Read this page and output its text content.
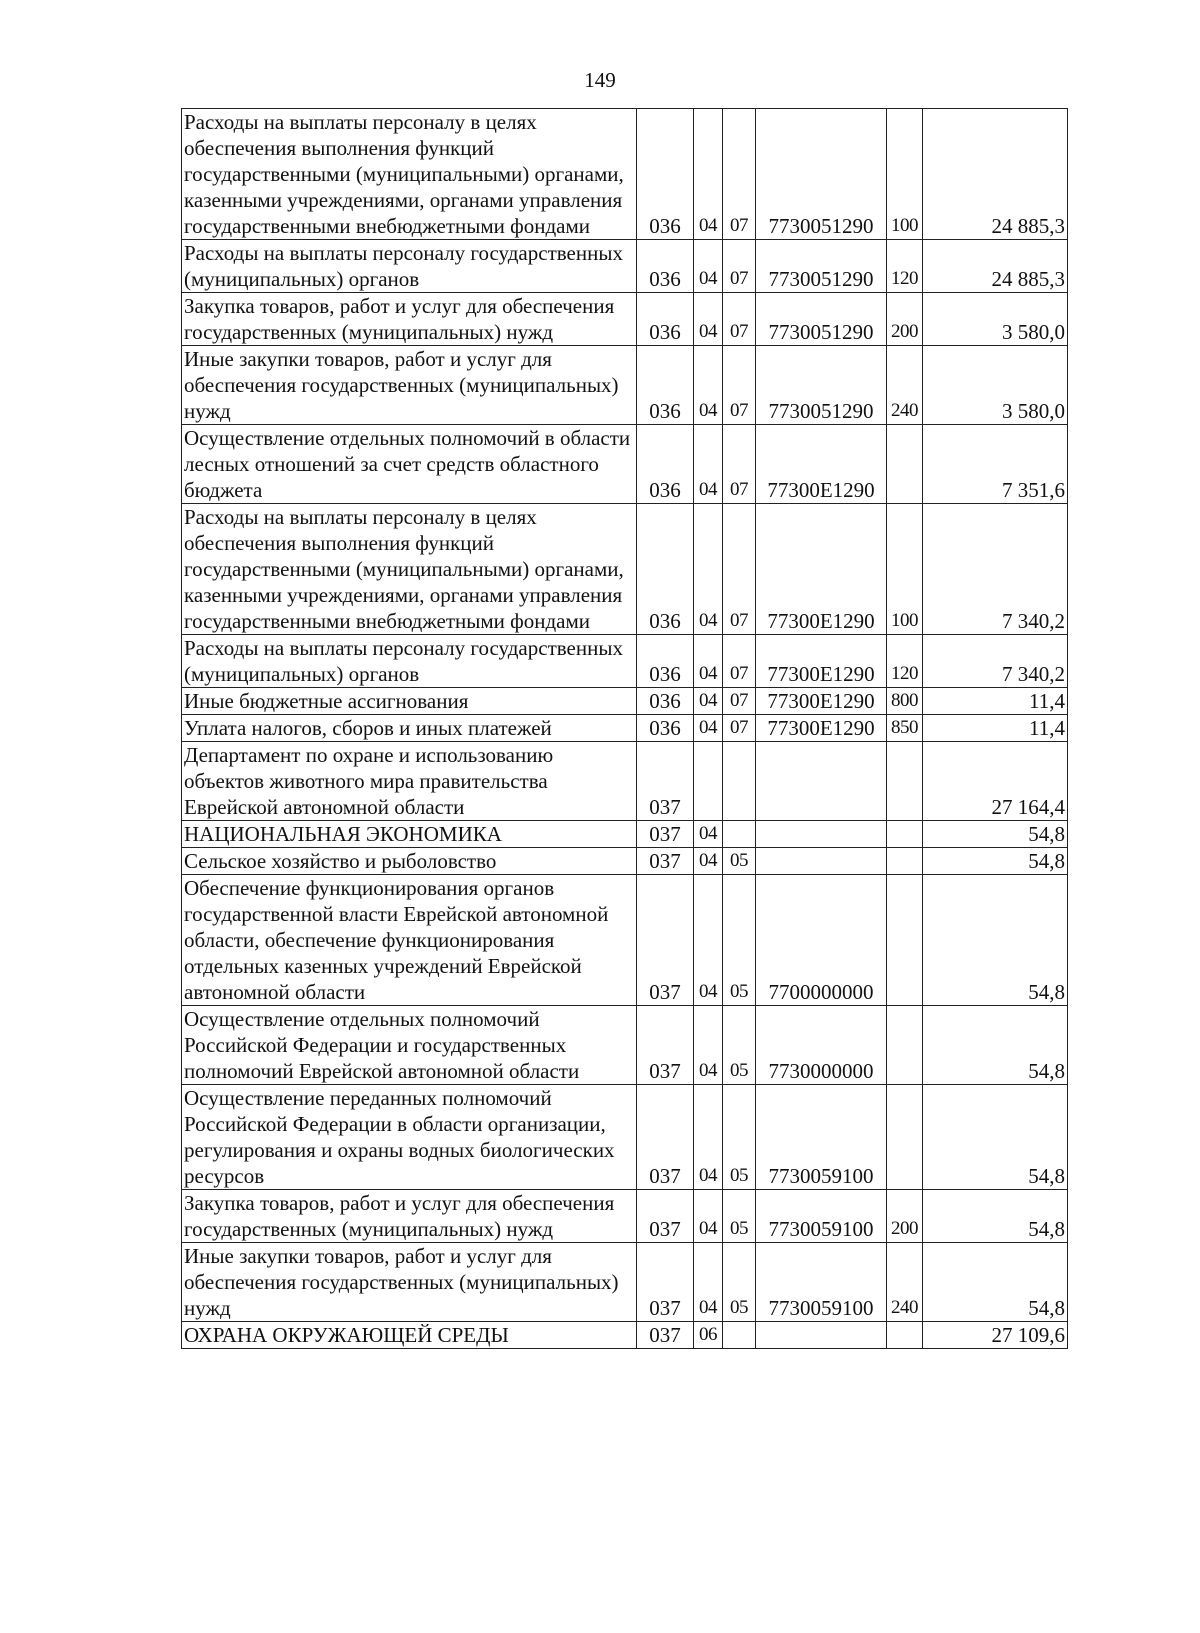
149
Расходы на выплаты персоналу в целях обеспечения выполнения функций государственными (муниципальными) органами, казенными учреждениями, органами управления государственными внебюджетными фондами	036	04	07	7730051290	100	24 885,3
Расходы на выплаты персоналу государственных (муниципальных) органов	036	04	07	7730051290	120	24 885,3
Закупка товаров, работ и услуг для обеспечения государственных (муниципальных) нужд	036	04	07	7730051290	200	3 580,0
Иные закупки товаров, работ и услуг для обеспечения государственных (муниципальных) нужд	036	04	07	7730051290	240	3 580,0
Осуществление отдельных полномочий в области лесных отношений за счет средств областного бюджета	036	04	07	77300E1290		7 351,6
Расходы на выплаты персоналу в целях обеспечения выполнения функций государственными (муниципальными) органами, казенными учреждениями, органами управления государственными внебюджетными фондами	036	04	07	77300E1290	100	7 340,2
Расходы на выплаты персоналу государственных (муниципальных) органов	036	04	07	77300E1290	120	7 340,2
Иные бюджетные ассигнования	036	04	07	77300E1290	800	11,4
Уплата налогов, сборов и иных платежей	036	04	07	77300E1290	850	11,4
Департамент по охране и использованию объектов животного мира правительства Еврейской автономной области	037					27 164,4
НАЦИОНАЛЬНАЯ ЭКОНОМИКА	037	04				54,8
Сельское хозяйство и рыболовство	037	04	05			54,8
Обеспечение функционирования органов государственной власти Еврейской автономной области, обеспечение функционирования отдельных казенных учреждений Еврейской автономной области	037	04	05	7700000000		54,8
Осуществление отдельных полномочий Российской Федерации и государственных полномочий Еврейской автономной области	037	04	05	7730000000		54,8
Осуществление переданных полномочий Российской Федерации в области организации, регулирования и охраны водных биологических ресурсов	037	04	05	7730059100		54,8
Закупка товаров, работ и услуг для обеспечения государственных (муниципальных) нужд	037	04	05	7730059100	200	54,8
Иные закупки товаров, работ и услуг для обеспечения государственных (муниципальных) нужд	037	04	05	7730059100	240	54,8
ОХРАНА ОКРУЖАЮЩЕЙ СРЕДЫ	037	06				27 109,6
